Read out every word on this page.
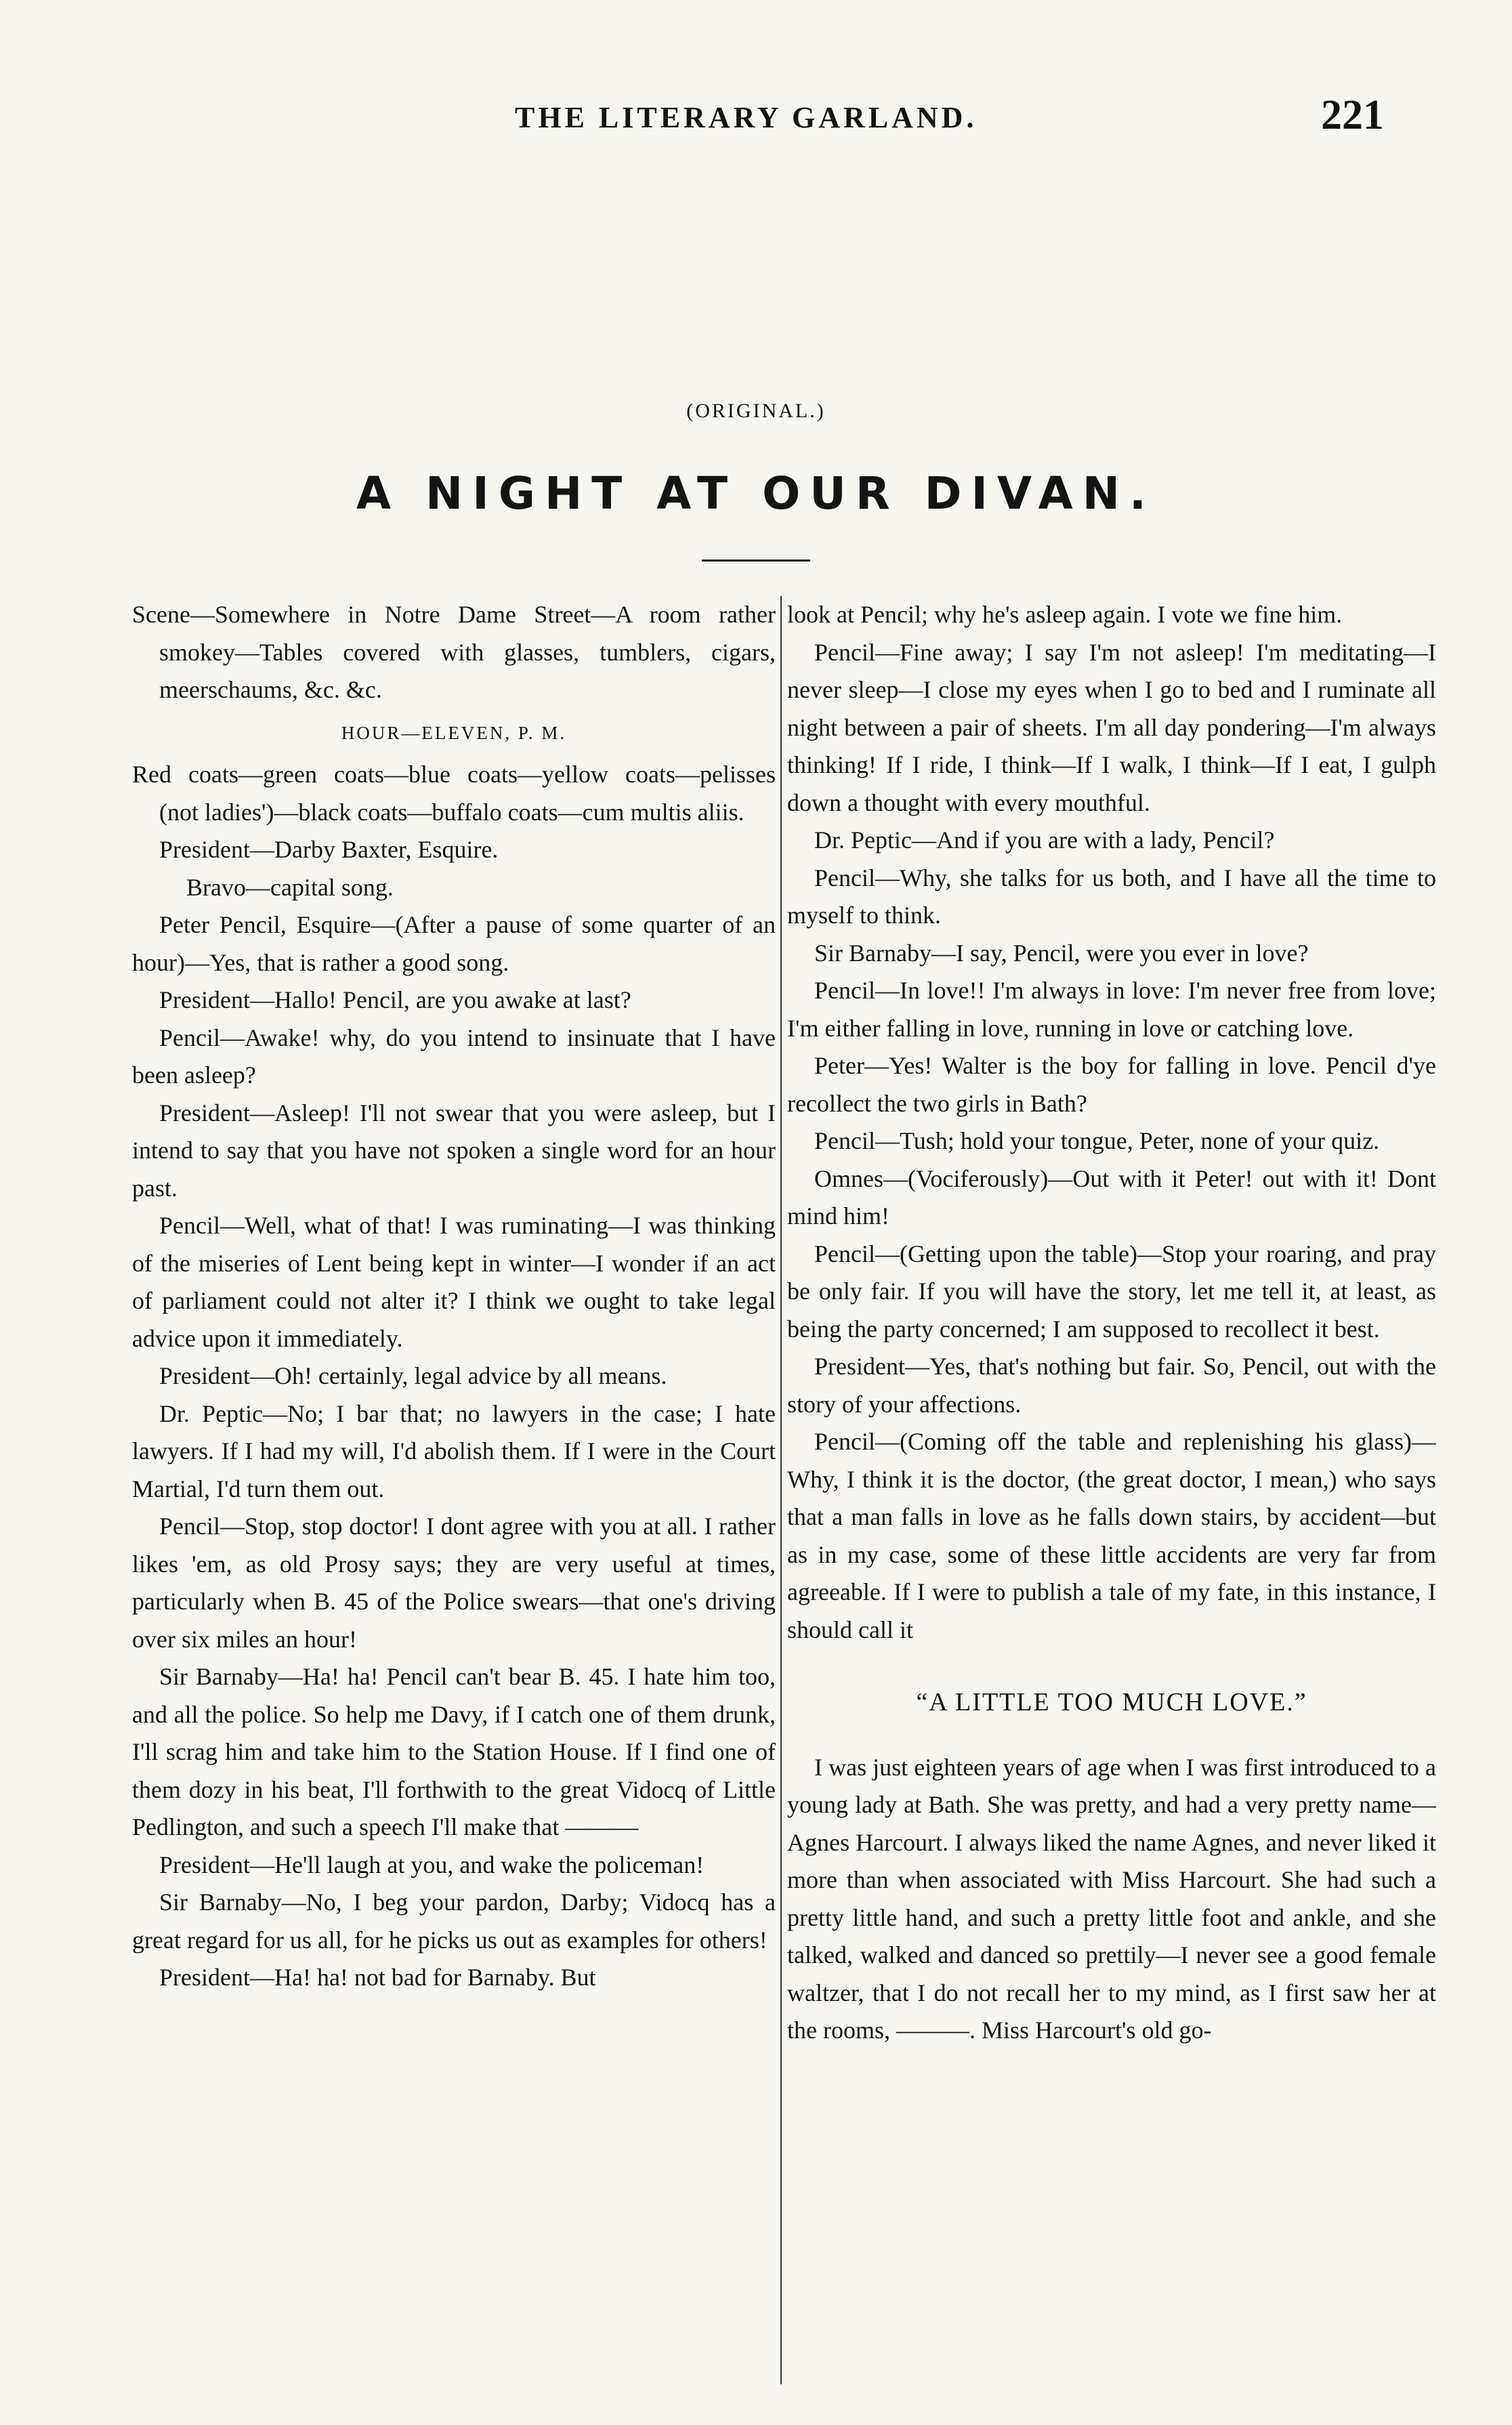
THE LITERARY GARLAND.	221
(ORIGINAL.)
A NIGHT AT OUR DIVAN.

Scene—Somewhere in Notre Dame Street—A room rather smokey—Tables covered with glasses, tumblers, cigars, meerschaums, &c. &c.

HOUR—ELEVEN, P. M.

Red coats—green coats—blue coats—yellow coats—pelisses (not ladies')—black coats—buffalo coats—cum multis aliis.

President—Darby Baxter, Esquire.

Bravo—capital song.

Peter Pencil, Esquire—(After a pause of some quarter of an hour)—Yes, that is rather a good song.

President—Hallo! Pencil, are you awake at last?

Pencil—Awake! why, do you intend to insinuate that I have been asleep?

President—Asleep! I'll not swear that you were asleep, but I intend to say that you have not spoken a single word for an hour past.

Pencil—Well, what of that! I was ruminating—I was thinking of the miseries of Lent being kept in winter—I wonder if an act of parliament could not alter it? I think we ought to take legal advice upon it immediately.

President—Oh! certainly, legal advice by all means.

Dr. Peptic—No; I bar that; no lawyers in the case; I hate lawyers. If I had my will, I'd abolish them. If I were in the Court Martial, I'd turn them out.

Pencil—Stop, stop doctor! I dont agree with you at all. I rather likes 'em, as old Prosy says; they are very useful at times, particularly when B. 45 of the Police swears—that one's driving over six miles an hour!

Sir Barnaby—Ha! ha! Pencil can't bear B. 45. I hate him too, and all the police. So help me Davy, if I catch one of them drunk, I'll scrag him and take him to the Station House. If I find one of them dozy in his beat, I'll forthwith to the great Vidocq of Little Pedlington, and such a speech I'll make that ———

President—He'll laugh at you, and wake the policeman!

Sir Barnaby—No, I beg your pardon, Darby; Vidocq has a great regard for us all, for he picks us out as examples for others!

President—Ha! ha! not bad for Barnaby. But

look at Pencil; why he's asleep again. I vote we fine him.

Pencil—Fine away; I say I'm not asleep! I'm meditating—I never sleep—I close my eyes when I go to bed and I ruminate all night between a pair of sheets. I'm all day pondering—I'm always thinking! If I ride, I think—If I walk, I think—If I eat, I gulph down a thought with every mouthful.

Dr. Peptic—And if you are with a lady, Pencil?

Pencil—Why, she talks for us both, and I have all the time to myself to think.

Sir Barnaby—I say, Pencil, were you ever in love?

Pencil—In love!! I'm always in love: I'm never free from love; I'm either falling in love, running in love or catching love.

Peter—Yes! Walter is the boy for falling in love. Pencil d'ye recollect the two girls in Bath?

Pencil—Tush; hold your tongue, Peter, none of your quiz.

Omnes—(Vociferously)—Out with it Peter! out with it! Dont mind him!

Pencil—(Getting upon the table)—Stop your roaring, and pray be only fair. If you will have the story, let me tell it, at least, as being the party concerned; I am supposed to recollect it best.

President—Yes, that's nothing but fair. So, Pencil, out with the story of your affections.

Pencil—(Coming off the table and replenishing his glass)—Why, I think it is the doctor, (the great doctor, I mean,) who says that a man falls in love as he falls down stairs, by accident—but as in my case, some of these little accidents are very far from agreeable. If I were to publish a tale of my fate, in this instance, I should call it

“A LITTLE TOO MUCH LOVE.”

I was just eighteen years of age when I was first introduced to a young lady at Bath. She was pretty, and had a very pretty name—Agnes Harcourt. I always liked the name Agnes, and never liked it more than when associated with Miss Harcourt. She had such a pretty little hand, and such a pretty little foot and ankle, and she talked, walked and danced so prettily—I never see a good female waltzer, that I do not recall her to my mind, as I first saw her at the rooms, ———. Miss Harcourt's old go-
